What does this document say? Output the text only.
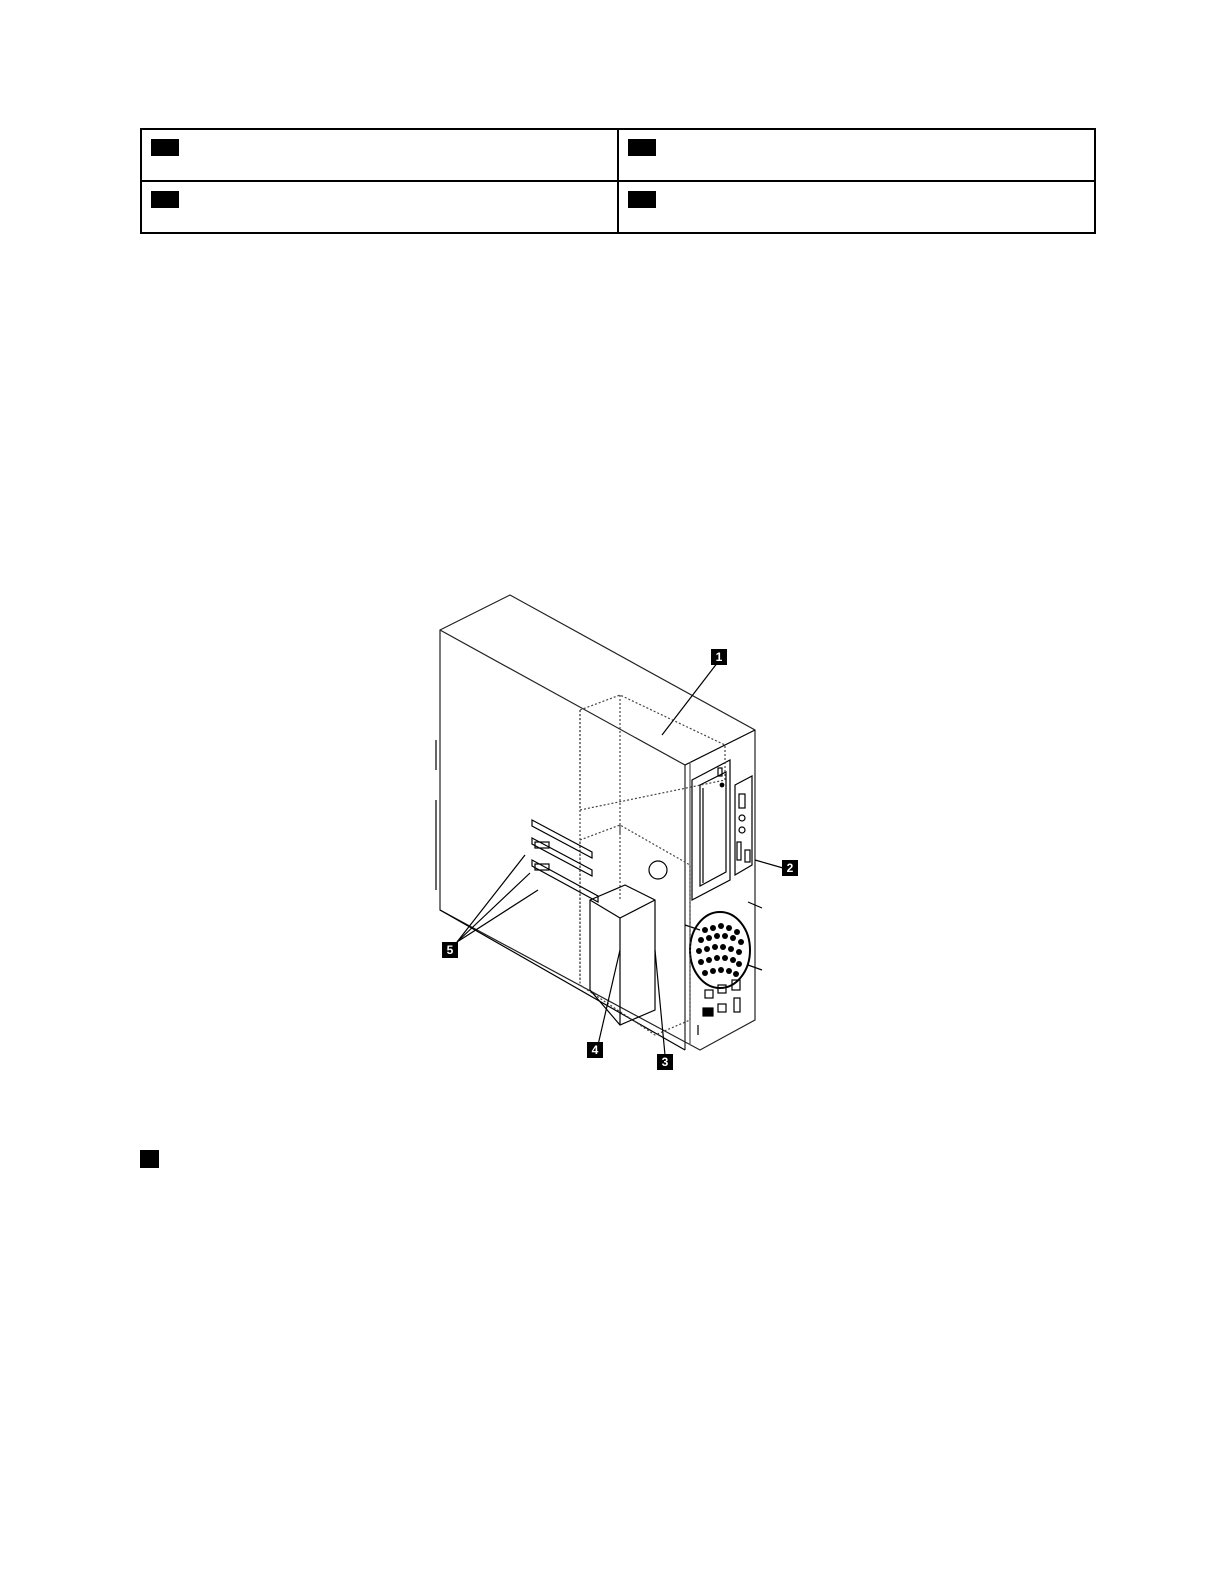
1
2
3
4
5
